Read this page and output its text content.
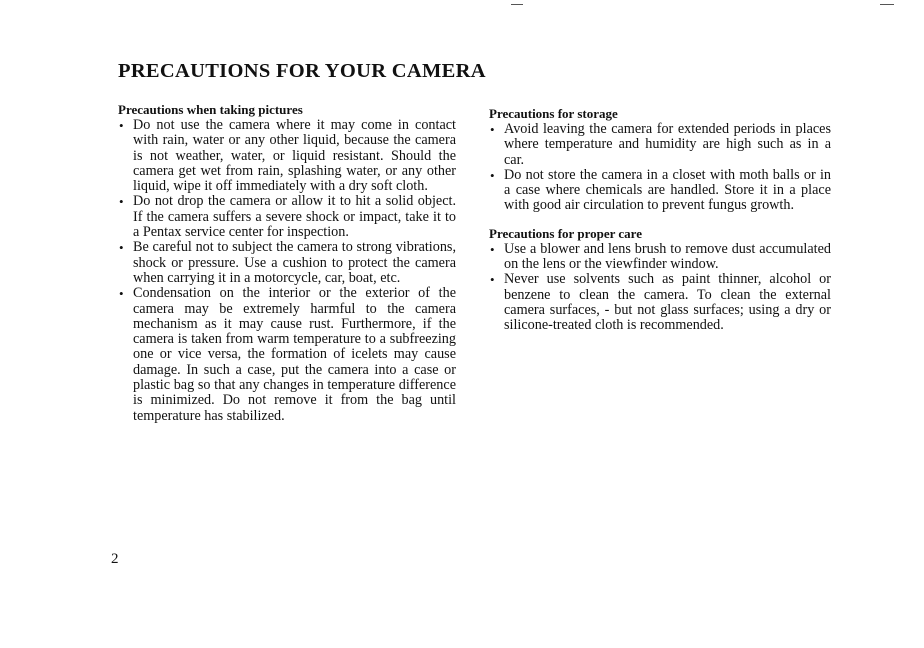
PRECAUTIONS FOR YOUR CAMERA
Precautions when taking pictures
• Do not use the camera where it may come in contact with rain, water or any other liquid, because the camera is not weather, water, or liquid resistant. Should the camera get wet from rain, splashing water, or any other liquid, wipe it off immediately with a dry soft cloth.
• Do not drop the camera or allow it to hit a solid object. If the camera suffers a severe shock or impact, take it to a Pentax service center for inspection.
• Be careful not to subject the camera to strong vibrations, shock or pressure. Use a cushion to protect the camera when carrying it in a motorcycle, car, boat, etc.
• Condensation on the interior or the exterior of the camera may be extremely harmful to the camera mechanism as it may cause rust. Furthermore, if the camera is taken from warm temperature to a subfreezing one or vice versa, the formation of icelets may cause damage. In such a case, put the camera into a case or plastic bag so that any changes in temperature difference is minimized. Do not remove it from the bag until temperature has stabilized.
Precautions for storage
• Avoid leaving the camera for extended periods in places where temperature and humidity are high such as in a car.
• Do not store the camera in a closet with moth balls or in a case where chemicals are handled. Store it in a place with good air circulation to prevent fungus growth.
Precautions for proper care
• Use a blower and lens brush to remove dust accumulated on the lens or the viewfinder window.
• Never use solvents such as paint thinner, alcohol or benzene to clean the camera. To clean the external camera surfaces, - but not glass surfaces; using a dry or silicone-treated cloth is recommended.
2
